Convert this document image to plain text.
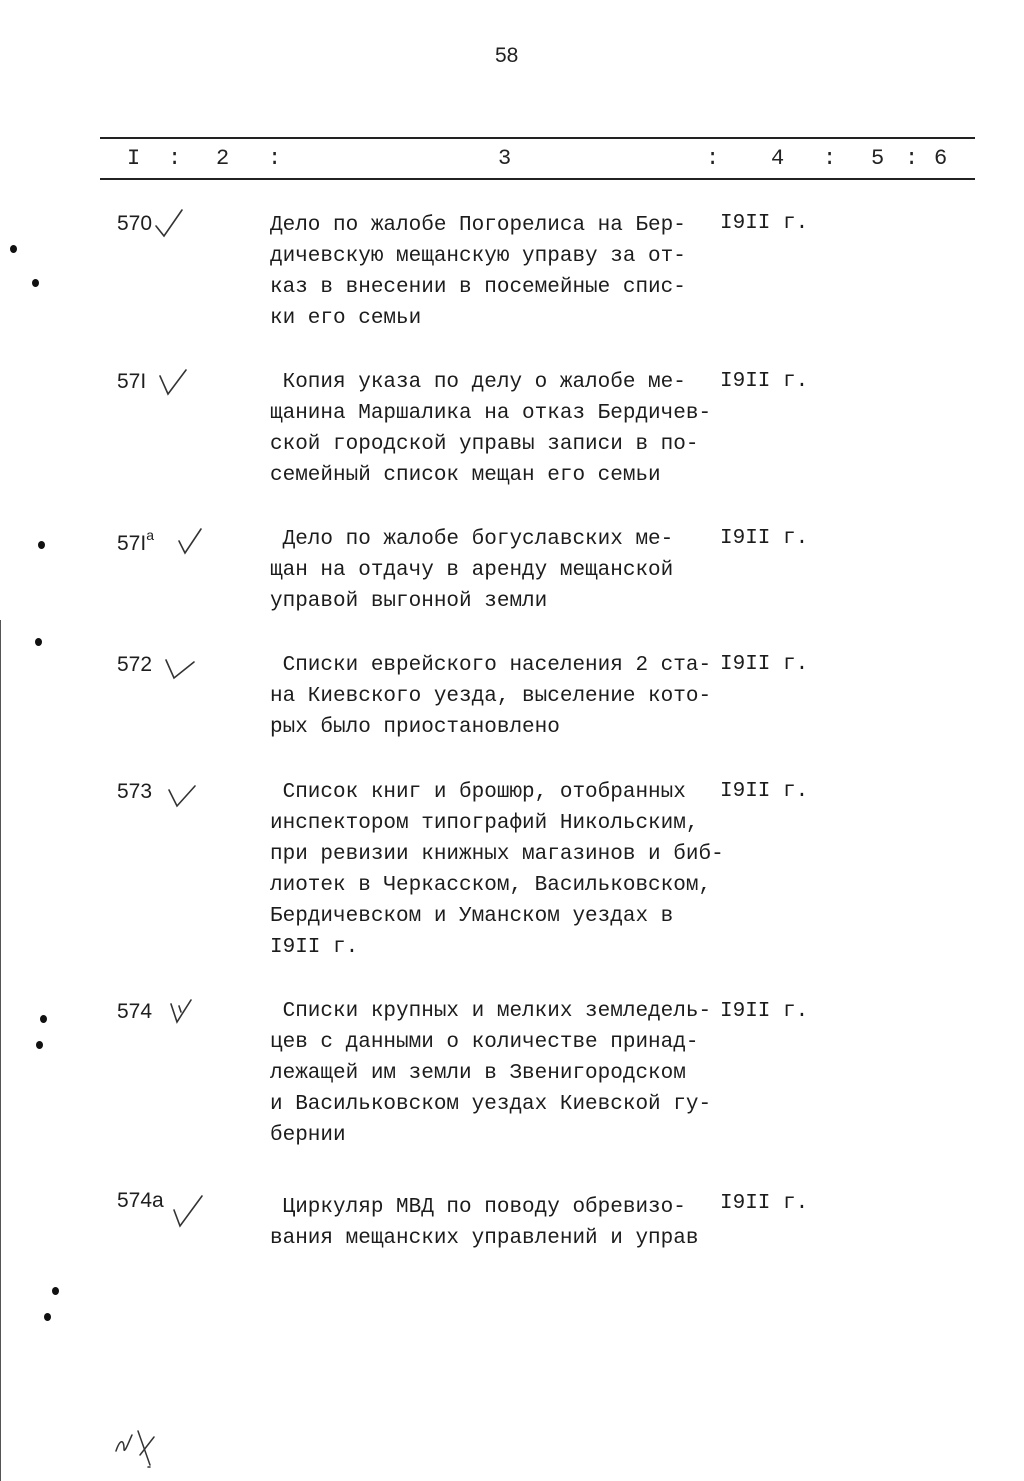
58
I : 2 :	3	: 4 : 5 : 6
570	Дело по жалобе Погорелиса на Бер-
дичевскую мещанскую управу за от-
каз в внесении в посемейные спис-
ки его семьи
I9II г.
57I	Копия указа по делу о жалобе ме-
щанина Маршалика на отказ Бердичев-
ской городской управы записи в по-
семейный список мещан его семьи
I9II г.
$57I^а$	Дело по жалобе богуславских ме-
щан на отдачу в аренду мещанской
управой выгонной земли
I9II г.
572	Списки еврейского населения 2 ста-
на Киевского уезда, выселение кото-
рых было приостановлено
I9II г.
573	Список книг и брошюр, отобранных
инспектором типографий Никольским,
при ревизии книжных магазинов и биб-
лиотек в Черкасском, Васильковском,
Бердичевском и Уманском уездах в
I9II г.
I9II г.
574	Списки крупных и мелких земледель-
цев с данными о количестве принад-
лежащей им земли в Звенигородском
и Васильковском уездах Киевской гу-
бернии
I9II г.
574а	Циркуляр МВД по поводу обревизо-
вания мещанских управлений и управ
I9II г.
